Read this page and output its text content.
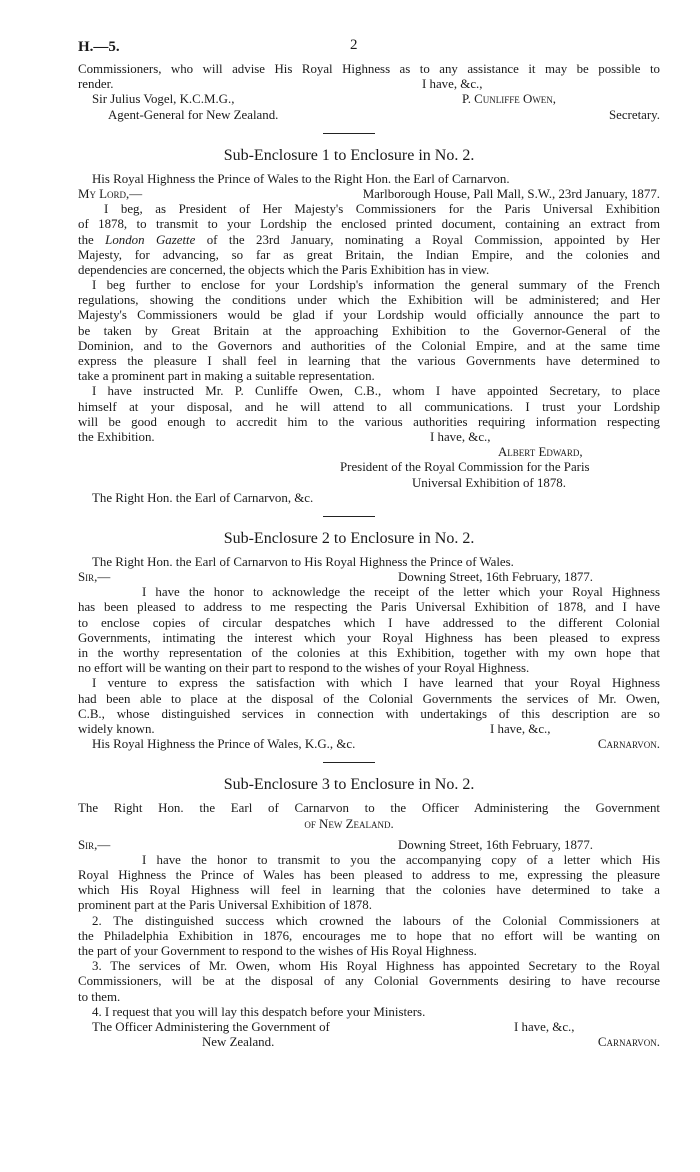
H.—5.	2
Commissioners, who will advise His Royal Highness as to any assistance it may be possible to
render.	I have, &c.,
Sir Julius Vogel, K.C.M.G.,	P. Cunliffe Owen,
Agent-General for New Zealand.	Secretary.
Sub-Enclosure 1 to Enclosure in No. 2.
His Royal Highness the Prince of Wales to the Right Hon. the Earl of Carnarvon.
My Lord,—	Marlborough House, Pall Mall, S.W., 23rd January, 1877.
I beg, as President of Her Majesty's Commissioners for the Paris Universal Exhibition
of 1878, to transmit to your Lordship the enclosed printed document, containing an extract from
the London Gazette of the 23rd January, nominating a Royal Commission, appointed by Her
Majesty, for advancing, so far as great Britain, the Indian Empire, and the colonies and
dependencies are concerned, the objects which the Paris Exhibition has in view.
I beg further to enclose for your Lordship's information the general summary of the French
regulations, showing the conditions under which the Exhibition will be administered; and Her
Majesty's Commissioners would be glad if your Lordship would officially announce the part to
be taken by Great Britain at the approaching Exhibition to the Governor-General of the
Dominion, and to the Governors and authorities of the Colonial Empire, and at the same time
express the pleasure I shall feel in learning that the various Governments have determined to
take a prominent part in making a suitable representation.
I have instructed Mr. P. Cunliffe Owen, C.B., whom I have appointed Secretary, to place
himself at your disposal, and he will attend to all communications. I trust your Lordship
will be good enough to accredit him to the various authorities requiring information respecting
the Exhibition.	I have, &c.,
Albert Edward,
President of the Royal Commission for the Paris
Universal Exhibition of 1878.
The Right Hon. the Earl of Carnarvon, &c.
Sub-Enclosure 2 to Enclosure in No. 2.
The Right Hon. the Earl of Carnarvon to His Royal Highness the Prince of Wales.
Sir,—	Downing Street, 16th February, 1877.
I have the honor to acknowledge the receipt of the letter which your Royal Highness
has been pleased to address to me respecting the Paris Universal Exhibition of 1878, and I have
to enclose copies of circular despatches which I have addressed to the different Colonial
Governments, intimating the interest which your Royal Highness has been pleased to express
in the worthy representation of the colonies at this Exhibition, together with my own hope that
no effort will be wanting on their part to respond to the wishes of your Royal Highness.
I venture to express the satisfaction with which I have learned that your Royal Highness
had been able to place at the disposal of the Colonial Governments the services of Mr. Owen,
C.B., whose distinguished services in connection with undertakings of this description are so
widely known.	I have, &c.,
His Royal Highness the Prince of Wales, K.G., &c.	Carnarvon.
Sub-Enclosure 3 to Enclosure in No. 2.
The Right Hon. the Earl of Carnarvon to the Officer Administering the Government
of New Zealand.
Sir,—	Downing Street, 16th February, 1877.
I have the honor to transmit to you the accompanying copy of a letter which His
Royal Highness the Prince of Wales has been pleased to address to me, expressing the pleasure
which His Royal Highness will feel in learning that the colonies have determined to take a
prominent part at the Paris Universal Exhibition of 1878.
2. The distinguished success which crowned the labours of the Colonial Commissioners at
the Philadelphia Exhibition in 1876, encourages me to hope that no effort will be wanting on
the part of your Government to respond to the wishes of His Royal Highness.
3. The services of Mr. Owen, whom His Royal Highness has appointed Secretary to the Royal
Commissioners, will be at the disposal of any Colonial Governments desiring to have recourse
to them.
4. I request that you will lay this despatch before your Ministers.
The Officer Administering the Government of	I have, &c.,
New Zealand.	Carnarvon.
